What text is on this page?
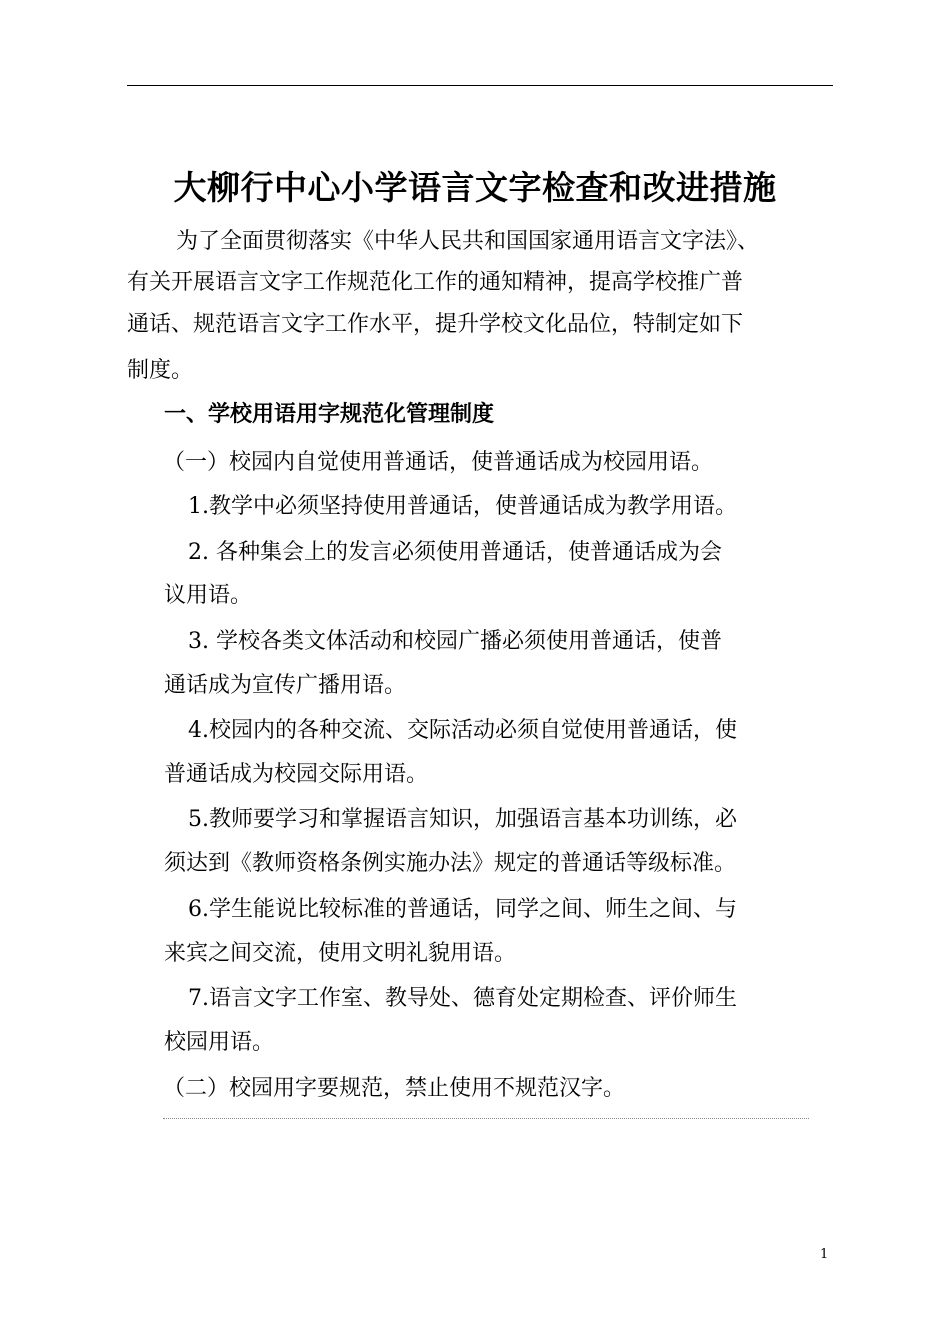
大柳行中心小学语言文字检查和改进措施
为了全面贯彻落实《中华人民共和国国家通用语言文字法》、
有关开展语言文字工作规范化工作的通知精神，提高学校推广普
通话、规范语言文字工作水平，提升学校文化品位，特制定如下
制度。
一、学校用语用字规范化管理制度
（一）校园内自觉使用普通话，使普通话成为校园用语。
1.教学中必须坚持使用普通话，使普通话成为教学用语。
2. 各种集会上的发言必须使用普通话，使普通话成为会
议用语。
3. 学校各类文体活动和校园广播必须使用普通话，使普
通话成为宣传广播用语。
4.校园内的各种交流、交际活动必须自觉使用普通话，使
普通话成为校园交际用语。
5.教师要学习和掌握语言知识，加强语言基本功训练，必
须达到《教师资格条例实施办法》规定的普通话等级标准。
6.学生能说比较标准的普通话，同学之间、师生之间、与
来宾之间交流，使用文明礼貌用语。
7.语言文字工作室、教导处、德育处定期检查、评价师生
校园用语。
（二）校园用字要规范，禁止使用不规范汉字。
1
